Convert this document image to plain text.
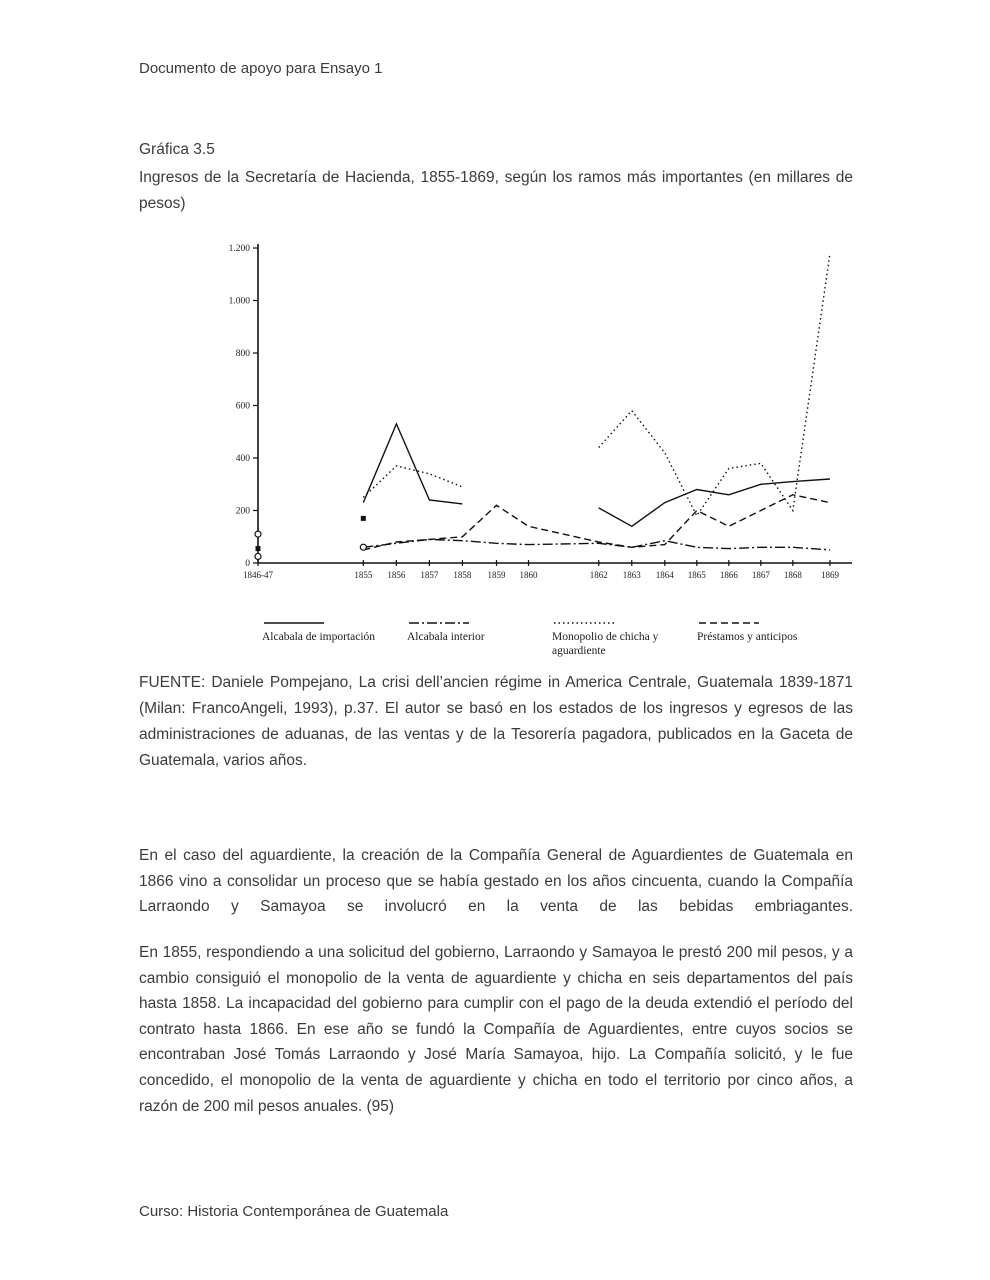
Documento de apoyo para Ensayo 1
Gráfica 3.5
Ingresos de la Secretaría de Hacienda, 1855-1869, según los ramos más importantes (en millares de pesos)
0
200
400
600
800
1.000
1.200
1846-47	1855 1856 1857 1858 1859 1860	1862 1863 1864 1865 1866 1867 1868 1869
Alcabala de importación	Alcabala interior	Monopolio de chicha y aguardiente
Préstamos y anticipos
FUENTE: Daniele Pompejano, La crisi dell’ancien régime in America Centrale, Guatemala 1839-1871 (Milan: FrancoAngeli, 1993), p.37. El autor se basó en los estados de los ingresos y egresos de las administraciones de aduanas, de las ventas y de la Tesorería pagadora, publicados en la Gaceta de Guatemala, varios años.
En el caso del aguardiente, la creación de la Compañía General de Aguardientes de Guatemala en 1866 vino a consolidar un proceso que se había gestado en los años cincuenta, cuando la Compañía Larraondo y Samayoa se involucró en la venta de las bebidas embriagantes.
En 1855, respondiendo a una solicitud del gobierno, Larraondo y Samayoa le prestó 200 mil pesos, y a cambio consiguió el monopolio de la venta de aguardiente y chicha en seis departamentos del país hasta 1858. La incapacidad del gobierno para cumplir con el pago de la deuda extendió el período del contrato hasta 1866. En ese año se fundó la Compañía de Aguardientes, entre cuyos socios se encontraban José Tomás Larraondo y José María Samayoa, hijo. La Compañía solicitó, y le fue concedido, el monopolio de la venta de aguardiente y chicha en todo el territorio por cinco años, a razón de 200 mil pesos anuales. (95)
Curso: Historia Contemporánea de Guatemala
